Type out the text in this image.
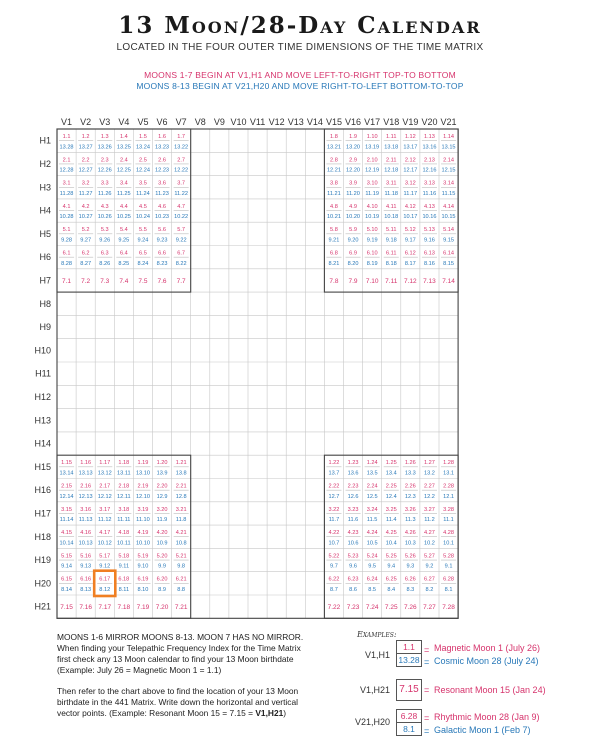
13 Moon/28-Day Calendar
LOCATED IN THE FOUR OUTER TIME DIMENSIONS OF THE TIME MATRIX
MOONS 1-7 BEGIN AT V1,H1 AND MOVE LEFT-TO-RIGHT TOP-TO BOTTOM
MOONS 8-13 BEGIN AT V21,H20 AND MOVE RIGHT-TO-LEFT BOTTOM-TO-TOP
V1 V2 V3 V4 V5 V6 V7 V8 V9 V10 V11 V12 V13 V14 V15 V16 V17 V18 V19 V20 V21
H1
H2
H3
H4
H5
H6
H7
H8
H9
H10
H11
H12
H13
H14
H15
H16
H17
H18
H19
H20
H21
1.1
13.28
1.2
13.27
1.3
13.26
1.4
13.25
1.5
13.24
1.6
13.23
1.7
13.22
2.1
12.28
2.2
12.27
2.3
12.26
2.4
12.25
2.5
12.24
2.6
12.23
2.7
12.22
3.1
11.28
3.2
11.27
3.3
11.26
3.4
11.25
3.5
11.24
3.6
11.23
3.7
11.22
4.1
10.28
4.2
10.27
4.3
10.26
4.4
10.25
4.5
10.24
4.6
10.23
4.7
10.22
5.1
9.28
5.2
9.27
5.3
9.26
5.4
9.25
5.5
9.24
5.6
9.23
5.7
9.22
6.1
8.28
6.2
8.27
6.3
8.26
6.4
8.25
6.5
8.24
6.6
8.23
6.7
8.22
7.1 7.2 7.3 7.4 7.5 7.6 7.7
1.8
13.21
1.9
13.20
1.10
13.19
1.11
13.18
1.12
13.17
1.13
13.16
1.14
13.15
2.8
12.21
2.9
12.20
2.10
12.19
2.11
12.18
2.12
12.17
2.13
12.16
2.14
12.15
3.8
11.21
3.9
11.20
3.10
11.19
3.11
11.18
3.12
11.17
3.13
11.16
3.14
11.15
4.8
10.21
4.9
10.20
4.10
10.19
4.11
10.18
4.12
10.17
4.13
10.16
4.14
10.15
5.8
9.21
5.9
9.20
5.10
9.19
5.11
9.18
5.12
9.17
5.13
9.16
5.14
9.15
6.8
8.21
6.9
8.20
6.10
8.19
6.11
8.18
6.12
8.17
6.13
8.16
6.14
8.15
7.8 7.9 7.10 7.11 7.12 7.13 7.14
1.15
13.14
1.16
13.13
1.17
13.12
1.18
13.11
1.19
13.10
1.20
13.9
1.21
13.8
2.15
12.14
2.16
12.13
2.17
12.12
2.18
12.11
2.19
12.10
2.20
12.9
2.21
12.8
3.15
11.14
3.16
11.13
3.17
11.12
3.18
11.11
3.19
11.10
3.20
11.9
3.21
11.8
4.15
10.14
4.16
10.13
4.17
10.12
4.18
10.11
4.19
10.10
4.20
10.9
4.21
10.8
5.15
9.14
5.16
9.13
5.17
9.12
5.18
9.11
5.19
9.10
5.20
9.9
5.21
9.8
6.15
8.14
6.16
8.13
6.17
8.12
6.18
8.11
6.19
8.10
6.20
8.9
6.21
8.8
7.15 7.16 7.17 7.18 7.19 7.20 7.21
1.22
13.7
1.23
13.6
1.24
13.5
1.25
13.4
1.26
13.3
1.27
13.2
1.28
13.1
2.22
12.7
2.23
12.6
2.24
12.5
2.25
12.4
2.26
12.3
2.27
12.2
2.28
12.1
3.22
11.7
3.23
11.6
3.24
11.5
3.25
11.4
3.26
11.3
3.27
11.2
3.28
11.1
4.22
10.7
4.23
10.6
4.24
10.5
4.25
10.4
4.26
10.3
4.27
10.2
4.28
10.1
5.22
9.7
5.23
9.6
5.24
9.5
5.25
9.4
5.26
9.3
5.27
9.2
5.28
9.1
6.22
8.7
6.23
8.6
6.24
8.5
6.25
8.4
6.26
8.3
6.27
8.2
6.28
8.1
7.22 7.23 7.24 7.25 7.26 7.27 7.28
MOONS 1-6 MIRROR MOONS 8-13. MOON 7 HAS NO MIRROR.
When finding your Telepathic Frequency Index for the Time Matrix
first check any 13 Moon calendar to find your 13 Moon birthdate
(Example: July 26 = Magnetic Moon 1 = 1.1)
Then refer to the chart above to find the location of your 13 Moon
birthdate in the 441 Matrix. Write down the horizontal and vertical
vector points. (Example: Resonant Moon 15 = 7.15 = V1,H21)
Examples:
V1,H1
1.1
13.28
=
=
Magnetic Moon 1 (July 26)
Cosmic Moon 28 (July 24)
V1,H21 7.15 = Resonant Moon 15 (Jan 24)
V21,H20
6.28
8.1
=
=
Rhythmic Moon 28 (Jan 9)
Galactic Moon 1 (Feb 7)
